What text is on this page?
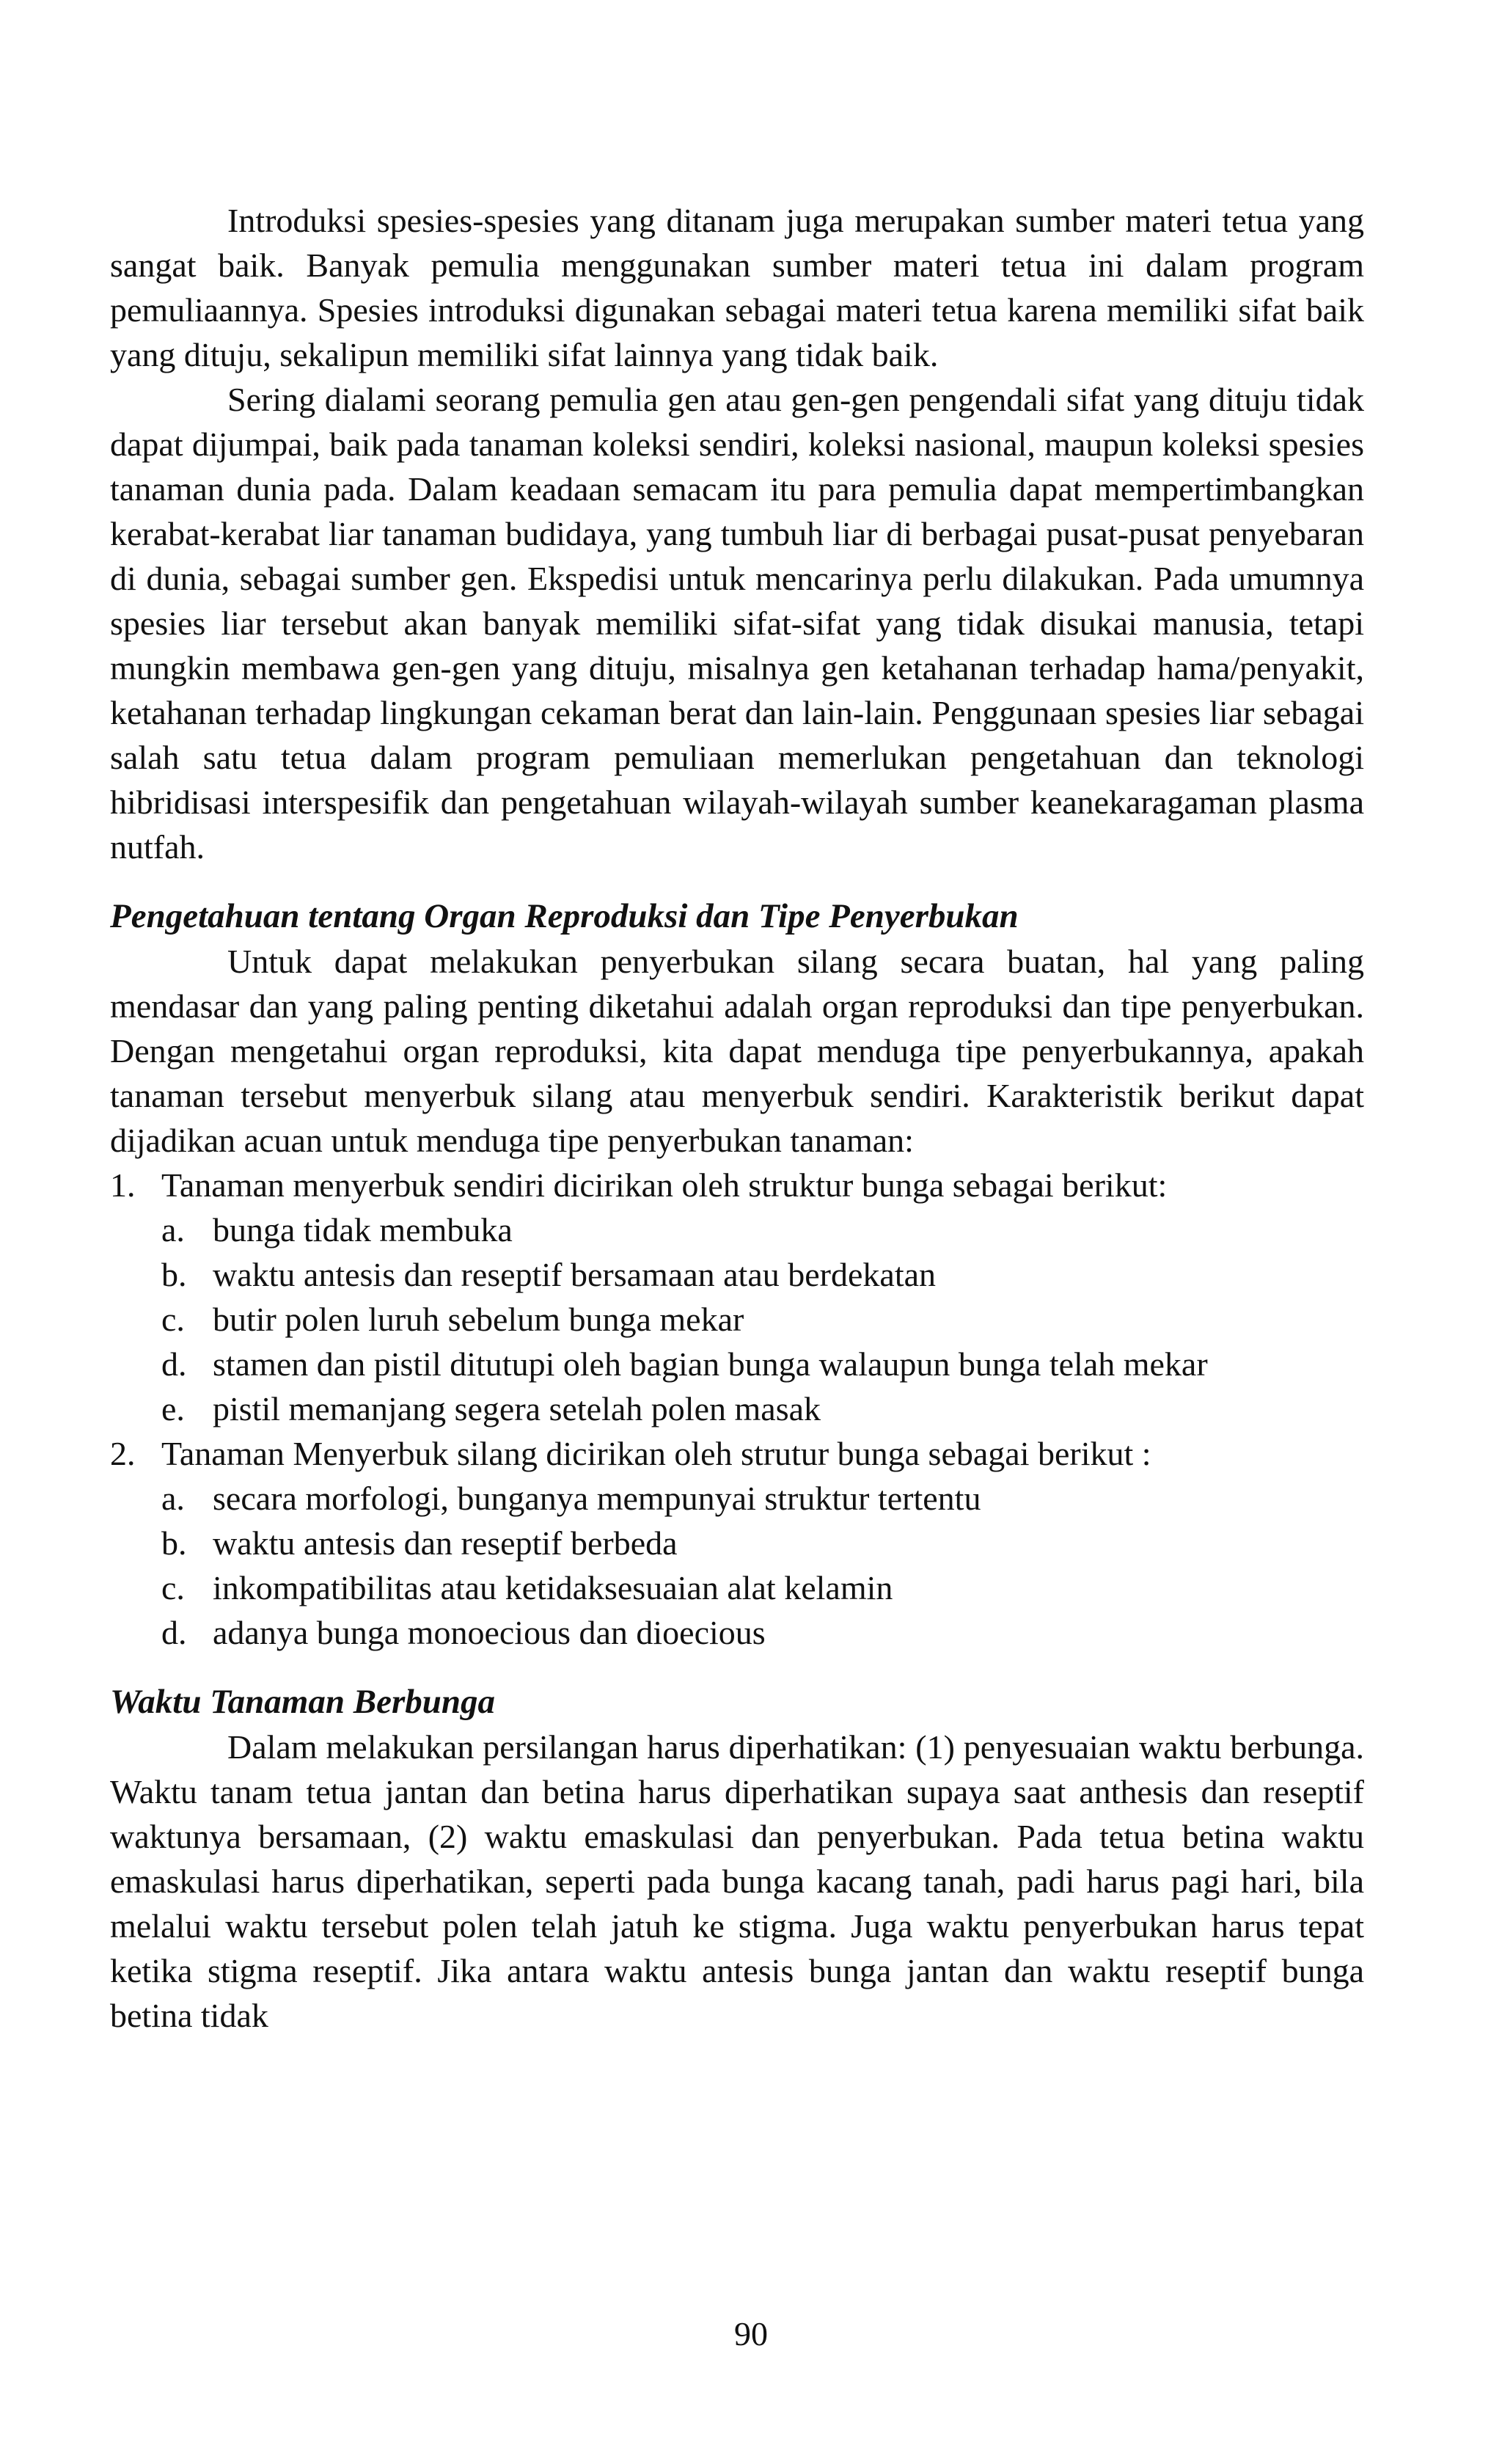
Introduksi spesies-spesies yang ditanam juga merupakan sumber materi tetua yang sangat baik. Banyak pemulia menggunakan sumber materi tetua ini dalam program pemuliaannya. Spesies introduksi digunakan sebagai materi tetua karena memiliki sifat baik yang dituju, sekalipun memiliki sifat lainnya yang tidak baik.

Sering dialami seorang pemulia gen atau gen-gen pengendali sifat yang dituju tidak dapat dijumpai, baik pada tanaman koleksi sendiri, koleksi nasional, maupun koleksi spesies tanaman dunia pada. Dalam keadaan semacam itu para pemulia dapat mempertimbangkan kerabat-kerabat liar tanaman budidaya, yang tumbuh liar di berbagai pusat-pusat penyebaran di dunia, sebagai sumber gen. Ekspedisi untuk mencarinya perlu dilakukan. Pada umumnya spesies liar tersebut akan banyak memiliki sifat-sifat yang tidak disukai manusia, tetapi mungkin membawa gen-gen yang dituju, misalnya gen ketahanan terhadap hama/penyakit, ketahanan terhadap lingkungan cekaman berat dan lain-lain. Penggunaan spesies liar sebagai salah satu tetua dalam program pemuliaan memerlukan pengetahuan dan teknologi hibridisasi interspesifik dan pengetahuan wilayah-wilayah sumber keanekaragaman plasma nutfah.

Pengetahuan tentang Organ Reproduksi dan Tipe Penyerbukan

Untuk dapat melakukan penyerbukan silang secara buatan, hal yang paling mendasar dan yang paling penting diketahui adalah organ reproduksi dan tipe penyerbukan. Dengan mengetahui organ reproduksi, kita dapat menduga tipe penyerbukannya, apakah tanaman tersebut menyerbuk silang atau menyerbuk sendiri. Karakteristik berikut dapat dijadikan acuan untuk menduga tipe penyerbukan tanaman:

1. Tanaman menyerbuk sendiri dicirikan oleh struktur bunga sebagai berikut:
a. bunga tidak membuka
b. waktu antesis dan reseptif bersamaan atau berdekatan
c. butir polen luruh sebelum bunga mekar
d. stamen dan pistil ditutupi oleh bagian bunga walaupun bunga telah mekar
e. pistil memanjang segera setelah polen masak
2. Tanaman Menyerbuk silang dicirikan oleh strutur bunga sebagai berikut :
a. secara morfologi, bunganya mempunyai struktur tertentu
b. waktu antesis dan reseptif berbeda
c. inkompatibilitas atau ketidaksesuaian alat kelamin
d. adanya bunga monoecious dan dioecious

Waktu Tanaman Berbunga

Dalam melakukan persilangan harus diperhatikan: (1) penyesuaian waktu berbunga. Waktu tanam tetua jantan dan betina harus diperhatikan supaya saat anthesis dan reseptif waktunya bersamaan, (2) waktu emaskulasi dan penyerbukan. Pada tetua betina waktu emaskulasi harus diperhatikan, seperti pada bunga kacang tanah, padi harus pagi hari, bila melalui waktu tersebut polen telah jatuh ke stigma. Juga waktu penyerbukan harus tepat ketika stigma reseptif. Jika antara waktu antesis bunga jantan dan waktu reseptif bunga betina tidak

90
